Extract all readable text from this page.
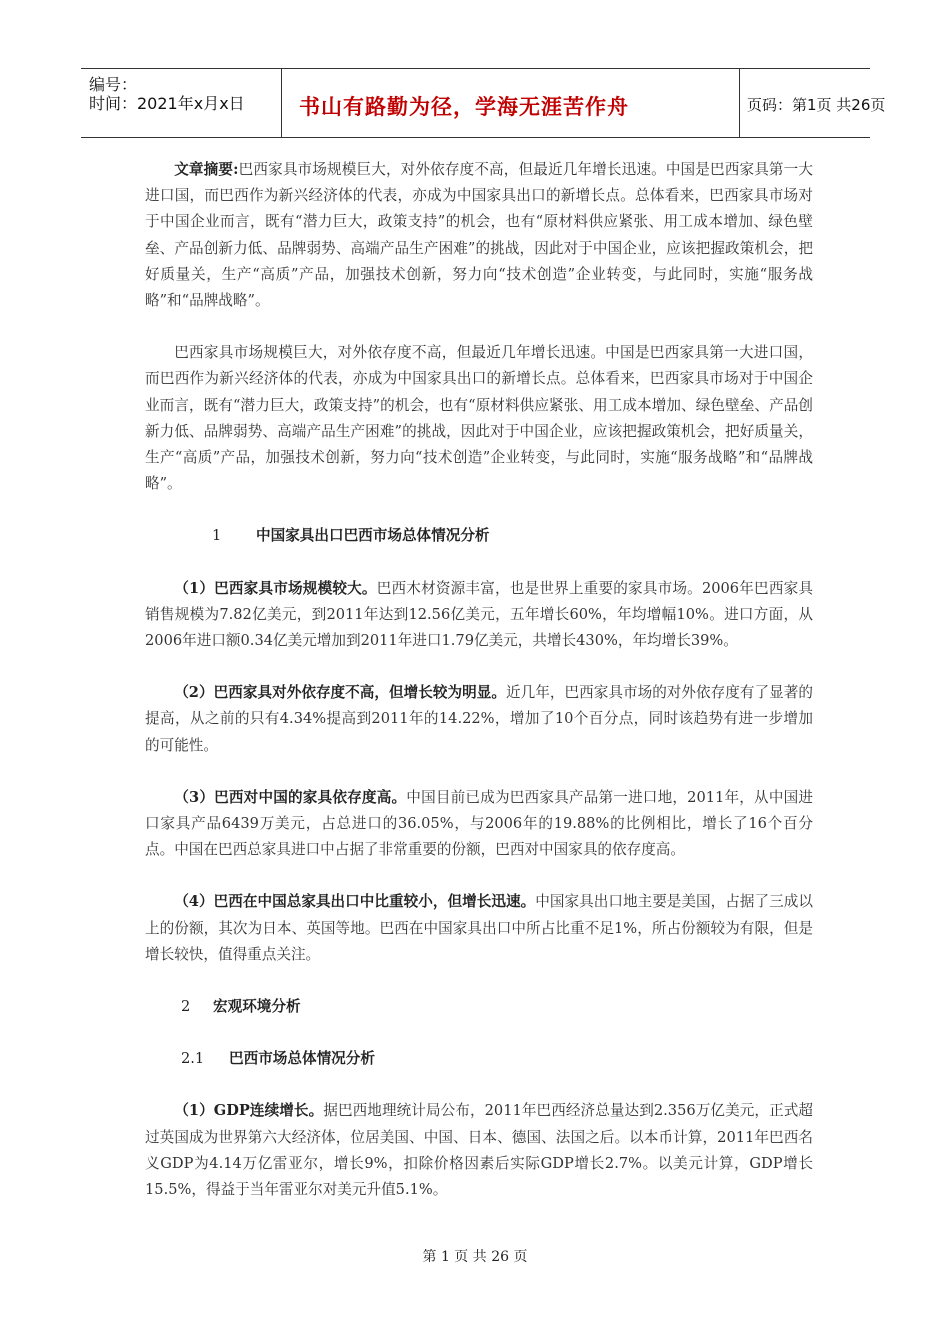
编号：
时间：2021年x月x日	书山有路勤为径，学海无涯苦作舟	页码：第1页 共26页

文章摘要:巴西家具市场规模巨大，对外依存度不高，但最近几年增长迅速。中国是巴西家具第一大进口国，而巴西作为新兴经济体的代表，亦成为中国家具出口的新增长点。总体看来，巴西家具市场对于中国企业而言，既有“潜力巨大，政策支持”的机会，也有“原材料供应紧张、用工成本增加、绿色壁垒、产品创新力低、品牌弱势、高端产品生产困难”的挑战，因此对于中国企业，应该把握政策机会，把好质量关，生产“高质”产品，加强技术创新，努力向“技术创造”企业转变，与此同时，实施“服务战略”和“品牌战略”。

巴西家具市场规模巨大，对外依存度不高，但最近几年增长迅速。中国是巴西家具第一大进口国，而巴西作为新兴经济体的代表，亦成为中国家具出口的新增长点。总体看来，巴西家具市场对于中国企业而言，既有“潜力巨大，政策支持”的机会，也有“原材料供应紧张、用工成本增加、绿色壁垒、产品创新力低、品牌弱势、高端产品生产困难”的挑战，因此对于中国企业，应该把握政策机会，把好质量关，生产“高质”产品，加强技术创新，努力向“技术创造”企业转变，与此同时，实施“服务战略”和“品牌战略”。

1 中国家具出口巴西市场总体情况分析

（1）巴西家具市场规模较大。巴西木材资源丰富，也是世界上重要的家具市场。2006年巴西家具销售规模为7.82亿美元，到2011年达到12.56亿美元，五年增长60%，年均增幅10%。进口方面，从2006年进口额0.34亿美元增加到2011年进口1.79亿美元，共增长430%，年均增长39%。

（2）巴西家具对外依存度不高，但增长较为明显。近几年，巴西家具市场的对外依存度有了显著的提高，从之前的只有4.34%提高到2011年的14.22%，增加了10个百分点，同时该趋势有进一步增加的可能性。

（3）巴西对中国的家具依存度高。中国目前已成为巴西家具产品第一进口地，2011年，从中国进口家具产品6439万美元，占总进口的36.05%，与2006年的19.88%的比例相比，增长了16个百分点。中国在巴西总家具进口中占据了非常重要的份额，巴西对中国家具的依存度高。

（4）巴西在中国总家具出口中比重较小，但增长迅速。中国家具出口地主要是美国，占据了三成以上的份额，其次为日本、英国等地。巴西在中国家具出口中所占比重不足1%，所占份额较为有限，但是增长较快，值得重点关注。

2 宏观环境分析

2.1 巴西市场总体情况分析

（1）GDP连续增长。据巴西地理统计局公布，2011年巴西经济总量达到2.356万亿美元，正式超过英国成为世界第六大经济体，位居美国、中国、日本、德国、法国之后。以本币计算，2011年巴西名义GDP为4.14万亿雷亚尔，增长9%，扣除价格因素后实际GDP增长2.7%。以美元计算，GDP增长15.5%，得益于当年雷亚尔对美元升值5.1%。

第 1 页 共 26 页
